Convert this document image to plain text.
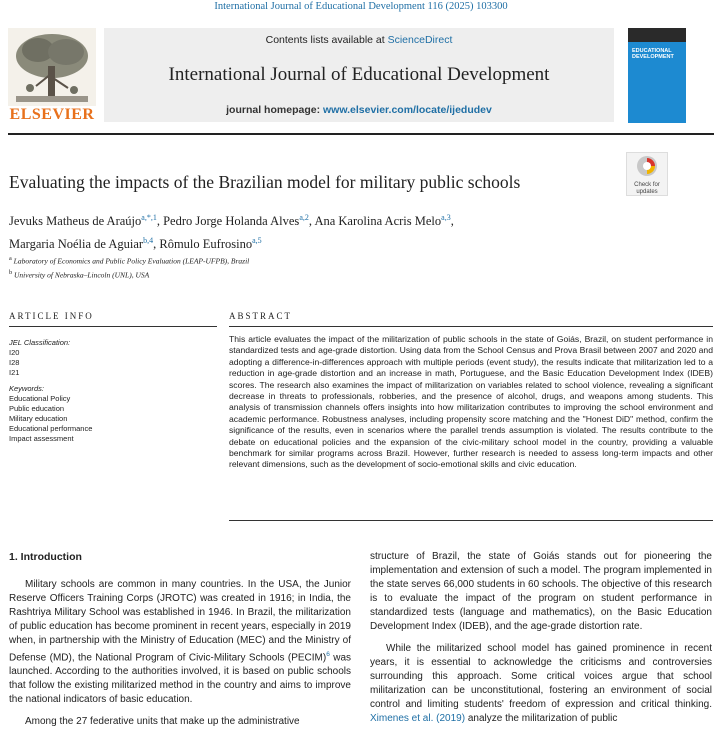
International Journal of Educational Development 116 (2025) 103300
ELSEVIER
Contents lists available at ScienceDirect
International Journal of Educational Development
journal homepage: www.elsevier.com/locate/ijedudev
EDUCATIONAL DEVELOPMENT
Evaluating the impacts of the Brazilian model for military public schools	Check for
updates
Jevuks Matheus de Araújo$^{a,*,1}$, Pedro Jorge Holanda Alves$^{a,2}$, Ana Karolina Acris Melo$^{a,3}$,
Margaria Noélia de Aguiar$^{b,4}$, Rômulo Eufrosino$^{a,5}$
$^a$ Laboratory of Economics and Public Policy Evaluation (LEAP-UFPB), Brazil
$^b$ University of Nebraska–Lincoln (UNL), USA
ARTICLE INFO	ABSTRACT
JEL Classification:
I20
I28
I21
Keywords:
Educational Policy
Public education
Military education
Educational performance
Impact assessment
This article evaluates the impact of the militarization of public schools in the state of Goiás, Brazil, on student performance in standardized tests and age-grade distortion. Using data from the School Census and Prova Brasil between 2007 and 2020 and adopting a difference-in-differences approach with multiple periods (event study), the results indicate that militarization led to a reduction in age-grade distortion and an increase in math, Portuguese, and the Basic Education Development Index (IDEB) scores. The research also examines the impact of militarization on variables related to school violence, revealing a significant decrease in threats to professionals, robberies, and the presence of alcohol, drugs, and weapons among students. This analysis of transmission channels offers insights into how militarization contributes to improving the school environment and academic performance. Robustness analyses, including propensity score matching and the "Honest DiD" method, confirm the significance of the results, even in scenarios where the parallel trends assumption is violated. The results contribute to the debate on educational policies and the expansion of the civic-military school model in the country, providing a valuable benchmark for similar programs across Brazil. However, further research is needed to assess long-term impacts and other relevant dimensions, such as the development of socio-emotional skills and civic education.
1. Introduction

Military schools are common in many countries. In the USA, the Junior Reserve Officers Training Corps (JROTC) was created in 1916; in India, the Rashtriya Military School was established in 1946. In Brazil, the militarization of public education has become prominent in recent years, especially in 2019 when, in partnership with the Ministry of Education (MEC) and the Ministry of Defense (MD), the National Program of Civic-Military Schools (PECIM)$^6$ was launched. According to the authorities involved, it is based on public schools that follow the existing militarized method in the country and aims to improve the national indicators of basic education.

Among the 27 federative units that make up the administrative

structure of Brazil, the state of Goiás stands out for pioneering the implementation and extension of such a model. The program implemented in the state serves 66,000 students in 60 schools. The objective of this research is to evaluate the impact of the program on student performance in standardized tests (language and mathematics), on the Basic Education Development Index (IDEB), and the age-grade distortion rate.

While the militarized school model has gained prominence in recent years, it is essential to acknowledge the criticisms and controversies surrounding this approach. Some critical voices argue that school militarization can be unconstitutional, fostering an environment of social control and limiting students' freedom of expression and critical thinking. Ximenes et al. (2019) analyze the militarization of public
